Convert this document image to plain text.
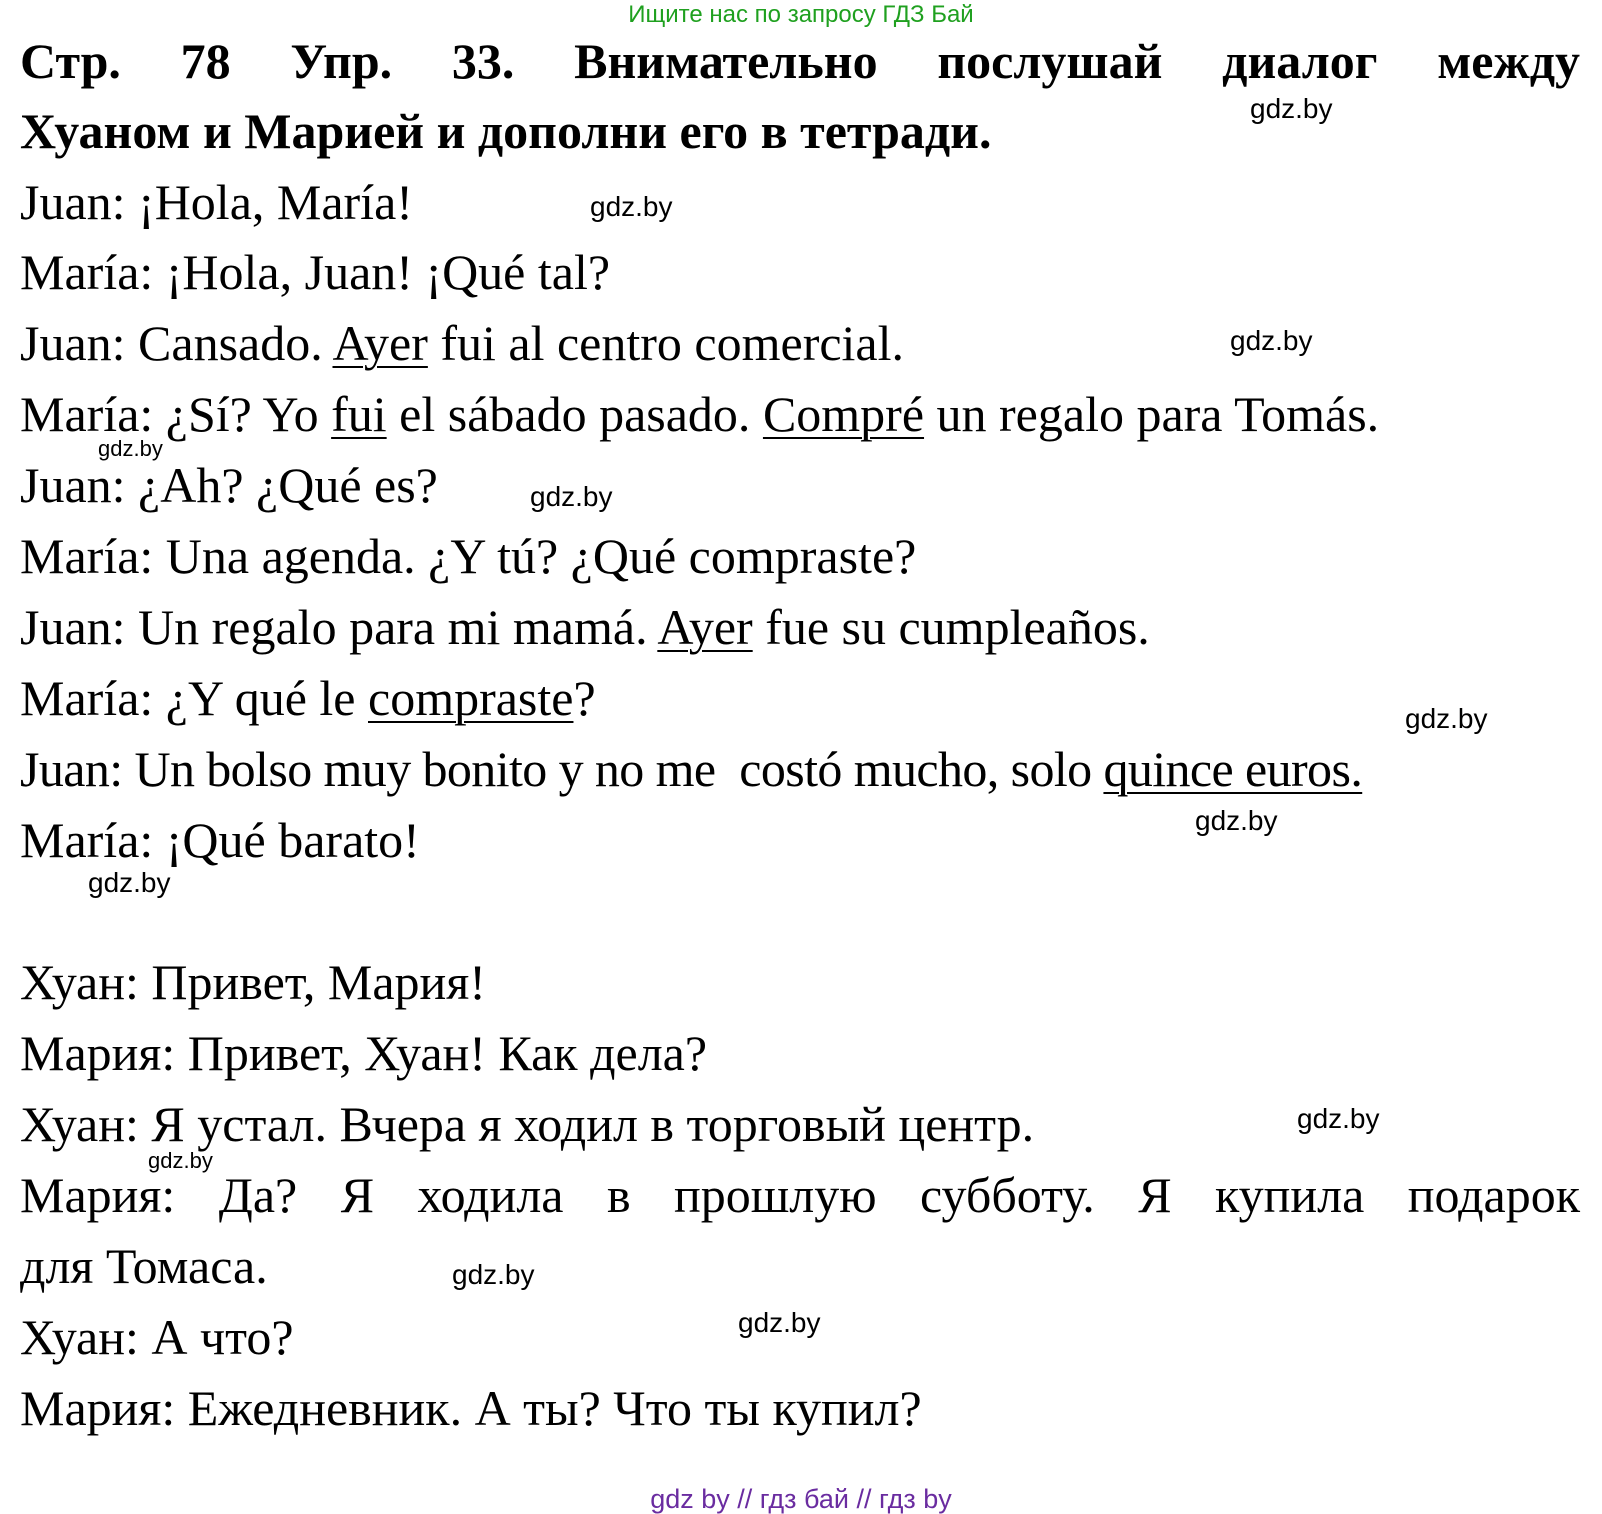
Ищите нас по запросу ГДЗ Бай
Стр. 78 Упр. 33. Внимательно послушай диалог между
Хуаном и Марией и дополни его в тетради.
Juan: ¡Hola, María!
María: ¡Hola, Juan! ¡Qué tal?
Juan: Cansado. Ayer fui al centro comercial.
María: ¿Sí? Yo fui el sábado pasado. Compré un regalo para Tomás.
Juan: ¿Ah? ¿Qué es?
María: Una agenda. ¿Y tú? ¿Qué compraste?
Juan: Un regalo para mi mamá. Ayer fue su cumpleaños.
María: ¿Y qué le compraste?
Juan: Un bolso muy bonito y no me  costó mucho, solo quince euros.
María: ¡Qué barato!
Хуан: Привет, Мария!
Мария: Привет, Хуан! Как дела?
Хуан: Я устал. Вчера я ходил в торговый центр.
Мария: Да? Я ходила в прошлую субботу. Я купила подарок
для Томаса.
Хуан: А что?
Мария: Ежедневник. А ты? Что ты купил?
gdz.by
gdz.by
gdz.by
gdz.by
gdz.by
gdz.by
gdz.by
gdz.by
gdz.by
gdz.by
gdz.by
gdz.by
gdz by // гдз бай // гдз by
